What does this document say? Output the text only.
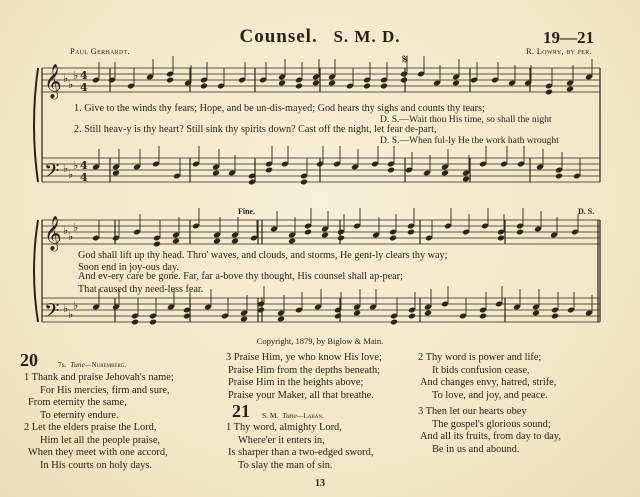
Counsel. S. M. D.	19—21
Paul Gerhardt.	R. Lowry, by per.
𝄞
𝄢
𝄞
𝄢
♭ ♭
♭
♭ ♭
♭
♭ ♭
♭
♭ ♭
♭
4
4
4
4
𝄋
1. Give to the winds thy fears; Hope, and be un-dis-mayed; God hears thy sighs and counts thy tears;
2. Still heav-y is thy heart? Still sink thy spirits down? Cast off the night, let fear de-part,
D. S.—Wait thou His time, so shall the night
D. S.—When ful-ly He the work hath wrought
Fine.	D. S.
God shall lift up thy head. Thro' waves, and clouds, and storms, He gent-ly clears thy way;
Soon end in joy-ous day.
And ev-ery care be gone. Far, far a-bove thy thought, His counsel shall ap-pear;
That caused thy need-less fear.
Copyright, 1879, by Biglow & Main.
20	7s. Tune—Nuremberg.
1 Thank and praise Jehovah's name;
For His mercies, firm and sure,
From eternity the same,
To eternity endure.
2 Let the elders praise the Lord,
Him let all the people praise,
When they meet with one accord,
In His courts on holy days.
3 Praise Him, ye who know His love;
Praise Him from the depths beneath;
Praise Him in the heights above;
Praise your Maker, all that breathe.
21 S. M. Tune—Laban.
1 Thy word, almighty Lord,
Where'er it enters in,
Is sharper than a two-edged sword,
To slay the man of sin.
2 Thy word is power and life;
It bids confusion cease,
And changes envy, hatred, strife,
To love, and joy, and peace.
3 Then let our hearts obey
The gospel's glorious sound;
And all its fruits, from day to day,
Be in us and abound.
13
